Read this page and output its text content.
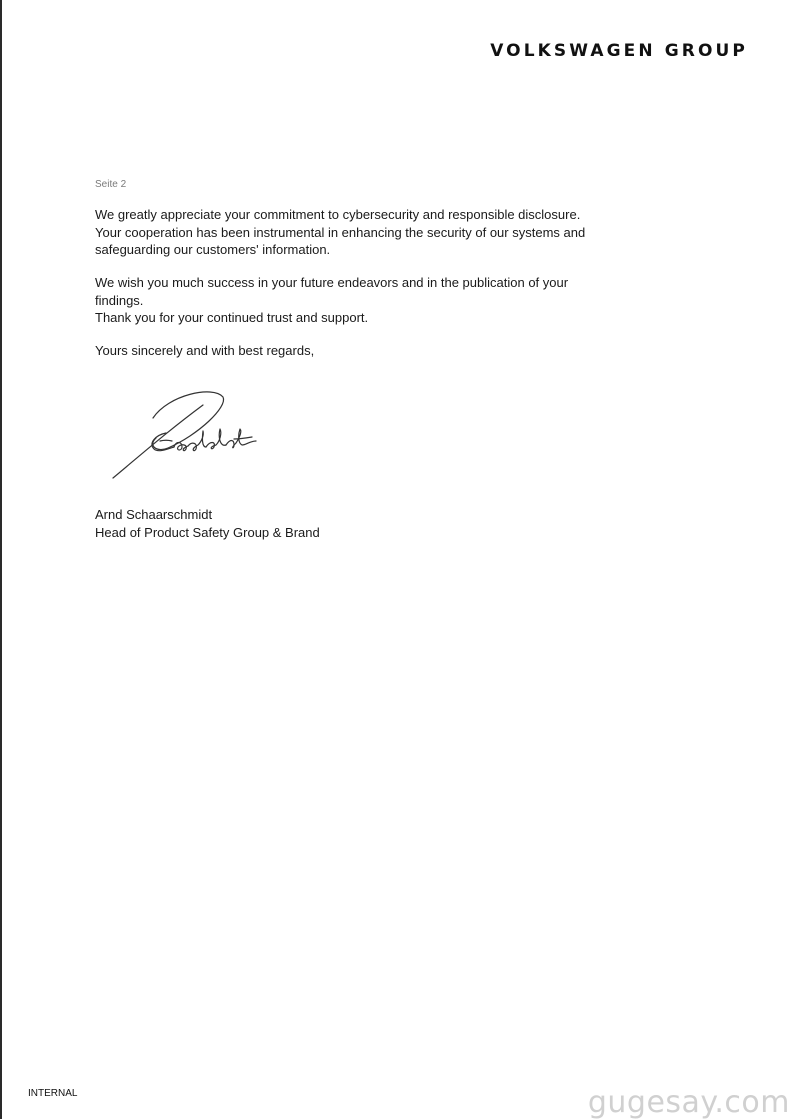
VOLKSWAGEN GROUP
Seite 2

We greatly appreciate your commitment to cybersecurity and responsible disclosure.

Your cooperation has been instrumental in enhancing the security of our systems and

safeguarding our customers' information.

We wish you much success in your future endeavors and in the publication of your

findings.

Thank you for your continued trust and support.

Yours sincerely and with best regards,

Arnd Schaarschmidt
Head of Product Safety Group & Brand
INTERNAL	gugesay.com
